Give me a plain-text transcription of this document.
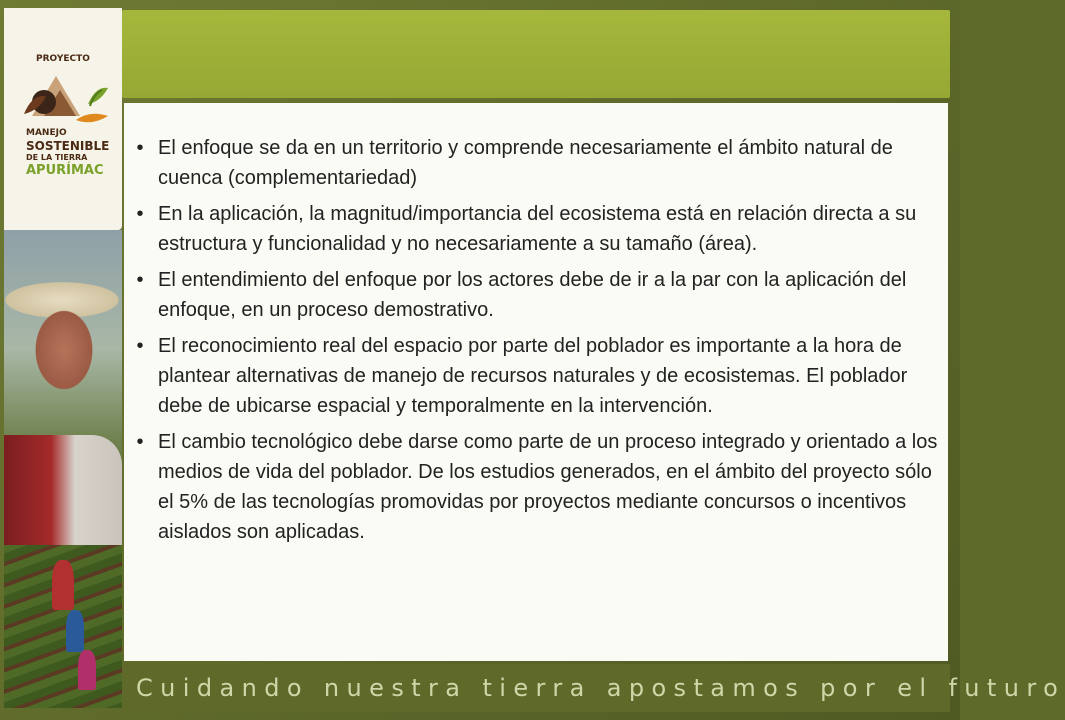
PROYECTO
MANEJO
SOSTENIBLE
DE LA TIERRA
APURÍMAC
• El enfoque se da en un territorio y comprende necesariamente el ámbito natural de cuenca (complementariedad)
• En la aplicación, la magnitud/importancia del ecosistema está en relación directa a su estructura y funcionalidad y no necesariamente a su tamaño (área).
• El entendimiento del enfoque por los actores debe de ir a la par con la aplicación del enfoque, en un proceso demostrativo.
• El reconocimiento real del espacio por parte del poblador es importante a la hora de plantear alternativas de manejo de recursos naturales y de ecosistemas. El poblador debe de ubicarse espacial y temporalmente en la intervención.
• El cambio tecnológico debe darse como parte de un proceso integrado y orientado a los medios de vida del poblador. De los estudios generados, en el ámbito del proyecto sólo el 5% de las tecnologías promovidas por proyectos mediante concursos o incentivos aislados son aplicadas.
Cuidando nuestra tierra apostamos por el futuro
